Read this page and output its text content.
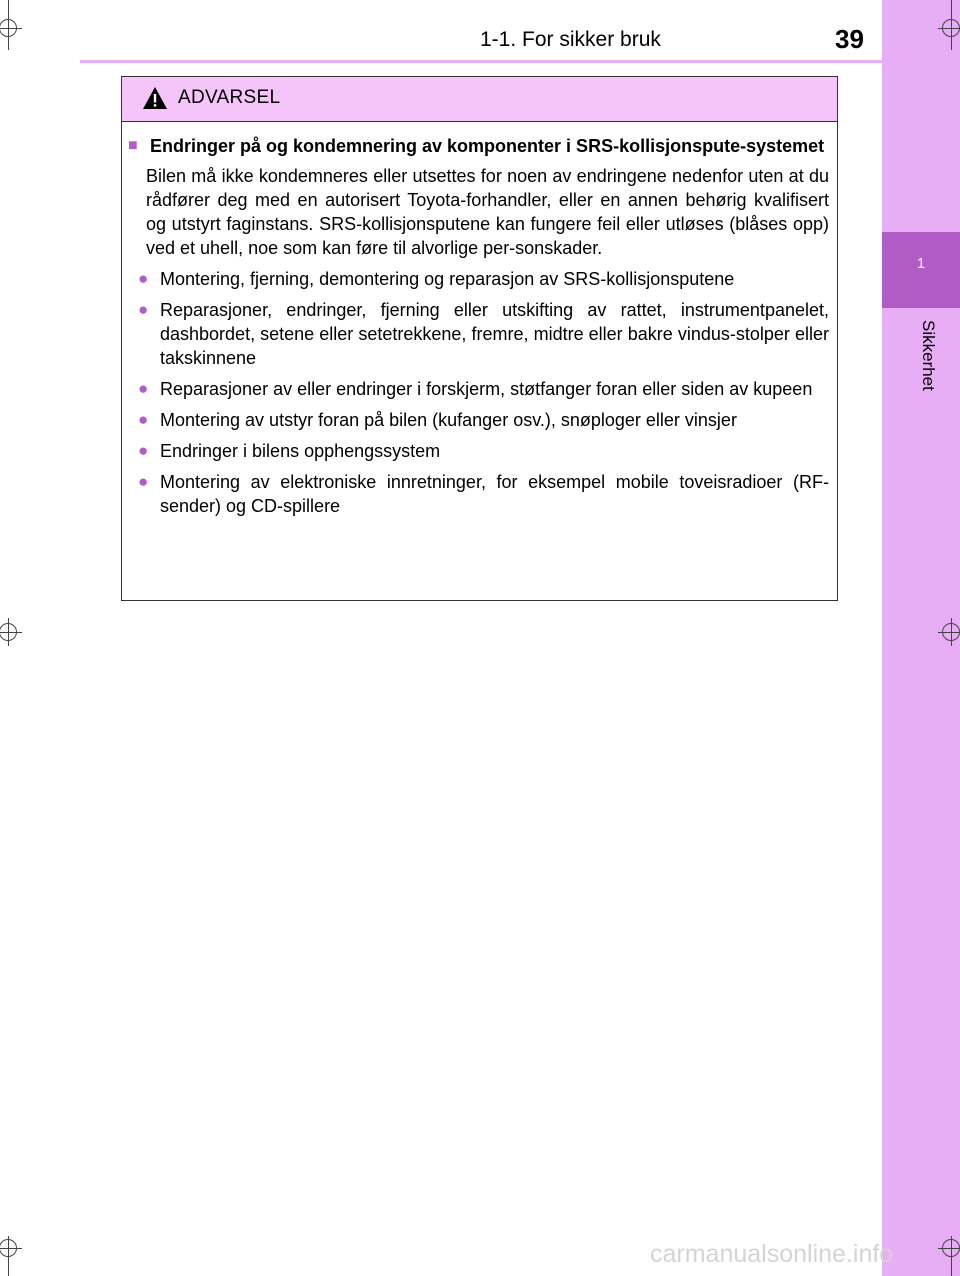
1-1. For sikker bruk	39
1
Sikkerhet
ADVARSEL
■ Endringer på og kondemnering av komponenter i SRS-kollisjonspute-systemet

Bilen må ikke kondemneres eller utsettes for noen av endringene nedenfor uten at du rådfører deg med en autorisert Toyota-forhandler, eller en annen behørig kvalifisert og utstyrt faginstans. SRS-kollisjonsputene kan fungere feil eller utløses (blåses opp) ved et uhell, noe som kan føre til alvorlige per-sonskader.

● Montering, fjerning, demontering og reparasjon av SRS-kollisjonsputene
● Reparasjoner, endringer, fjerning eller utskifting av rattet, instrumentpanelet, dashbordet, setene eller setetrekkene, fremre, midtre eller bakre vindus-stolper eller takskinnene
● Reparasjoner av eller endringer i forskjerm, støtfanger foran eller siden av kupeen
● Montering av utstyr foran på bilen (kufanger osv.), snøploger eller vinsjer
● Endringer i bilens opphengssystem
● Montering av elektroniske innretninger, for eksempel mobile toveisradioer (RF-sender) og CD-spillere
carmanualsonline.info
